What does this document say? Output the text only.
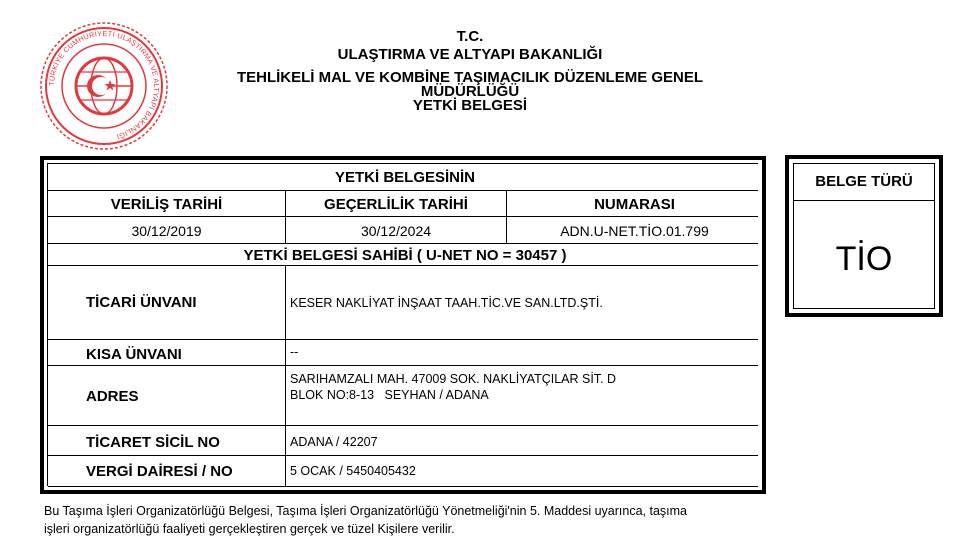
TÜRKİYE CUMHURİYETİ ULAŞTIRMA VE ALTYAPI BAKANLIĞI
T.C.
ULAŞTIRMA VE ALTYAPI BAKANLIĞI
TEHLİKELİ MAL VE KOMBİNE TAŞIMACILIK DÜZENLEME GENEL
MÜDÜRLÜĞÜ
YETKİ BELGESİ
YETKİ BELGESİNİN
VERİLİŞ TARİHİ	GEÇERLİLİK TARİHİ	NUMARASI
30/12/2019	30/12/2024	ADN.U-NET.TİO.01.799
YETKİ BELGESİ SAHİBİ ( U-NET NO = 30457 )
TİCARİ ÜNVANI	KESER NAKLİYAT İNŞAAT TAAH.TİC.VE SAN.LTD.ŞTİ.
KISA ÜNVANI	--
ADRES
SARIHAMZALI MAH. 47009 SOK. NAKLİYATÇILAR SİT. D
BLOK NO:8-13   SEYHAN / ADANA
TİCARET SİCİL NO	ADANA / 42207
VERGİ DAİRESİ / NO	5 OCAK / 5450405432
BELGE TÜRÜ
TİO
Bu Taşıma İşleri Organizatörlüğü Belgesi, Taşıma İşleri Organizatörlüğü Yönetmeliği'nin 5. Maddesi uyarınca, taşıma
işleri organizatörlüğü faaliyeti gerçekleştiren gerçek ve tüzel Kişilere verilir.
